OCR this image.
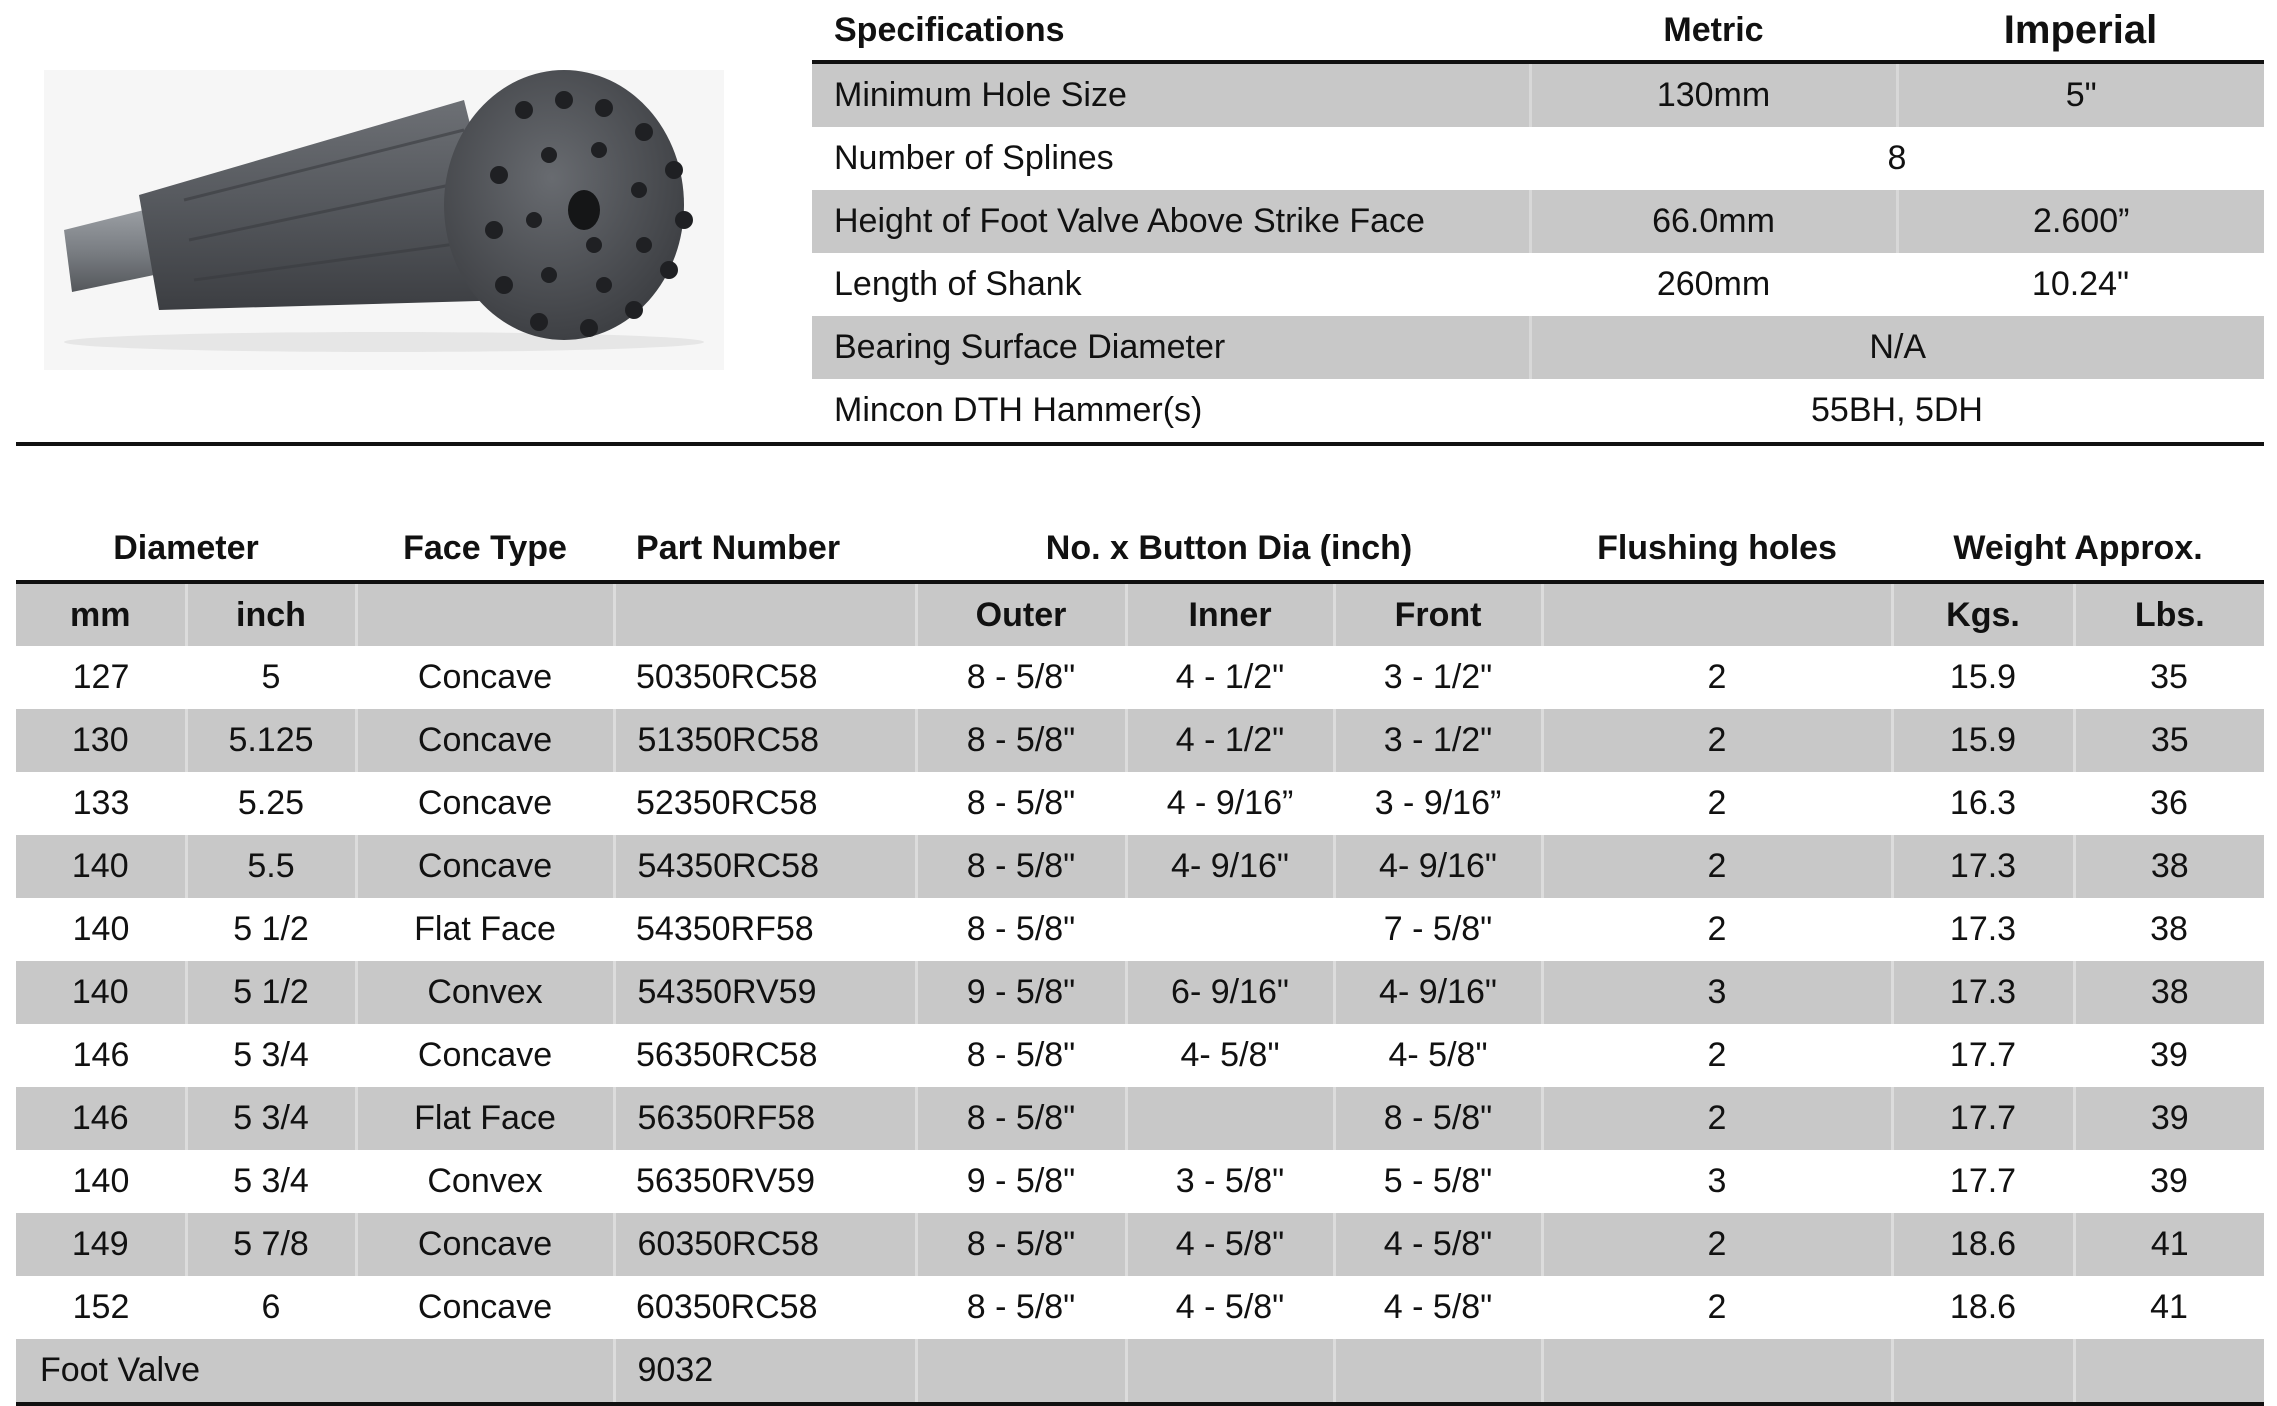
Specifications	Metric	Imperial
Minimum Hole Size	130mm	5"
Number of Splines	8	
Height of Foot Valve Above Strike Face	66.0mm	2.600”
Length of Shank	260mm	10.24"
Bearing Surface Diameter	N/A	
Mincon DTH Hammer(s)	55BH, 5DH	
Diameter		Face Type	Part Number	No. x Button Dia (inch)			Flushing holes	Weight Approx.	
mm	inch			Outer	Inner	Front		Kgs.	Lbs.
127	5	Concave	50350RC58	8 - 5/8"	4 - 1/2"	3 - 1/2"	2	15.9	35
130	5.125	Concave	51350RC58	8 - 5/8"	4 - 1/2"	3 - 1/2"	2	15.9	35
133	5.25	Concave	52350RC58	8 - 5/8"	4 - 9/16”	3 - 9/16”	2	16.3	36
140	5.5	Concave	54350RC58	8 - 5/8"	4- 9/16"	4- 9/16"	2	17.3	38
140	5 1/2	Flat Face	54350RF58	8 - 5/8"		7 - 5/8"	2	17.3	38
140	5 1/2	Convex	54350RV59	9 - 5/8"	6- 9/16"	4- 9/16"	3	17.3	38
146	5 3/4	Concave	56350RC58	8 - 5/8"	4- 5/8"	4- 5/8"	2	17.7	39
146	5 3/4	Flat Face	56350RF58	8 - 5/8"		8 - 5/8"	2	17.7	39
140	5 3/4	Convex	56350RV59	9 - 5/8"	3 - 5/8"	5 - 5/8"	3	17.7	39
149	5 7/8	Concave	60350RC58	8 - 5/8"	4 - 5/8"	4 - 5/8"	2	18.6	41
152	6	Concave	60350RC58	8 - 5/8"	4 - 5/8"	4 - 5/8"	2	18.6	41
Foot Valve			9032						
